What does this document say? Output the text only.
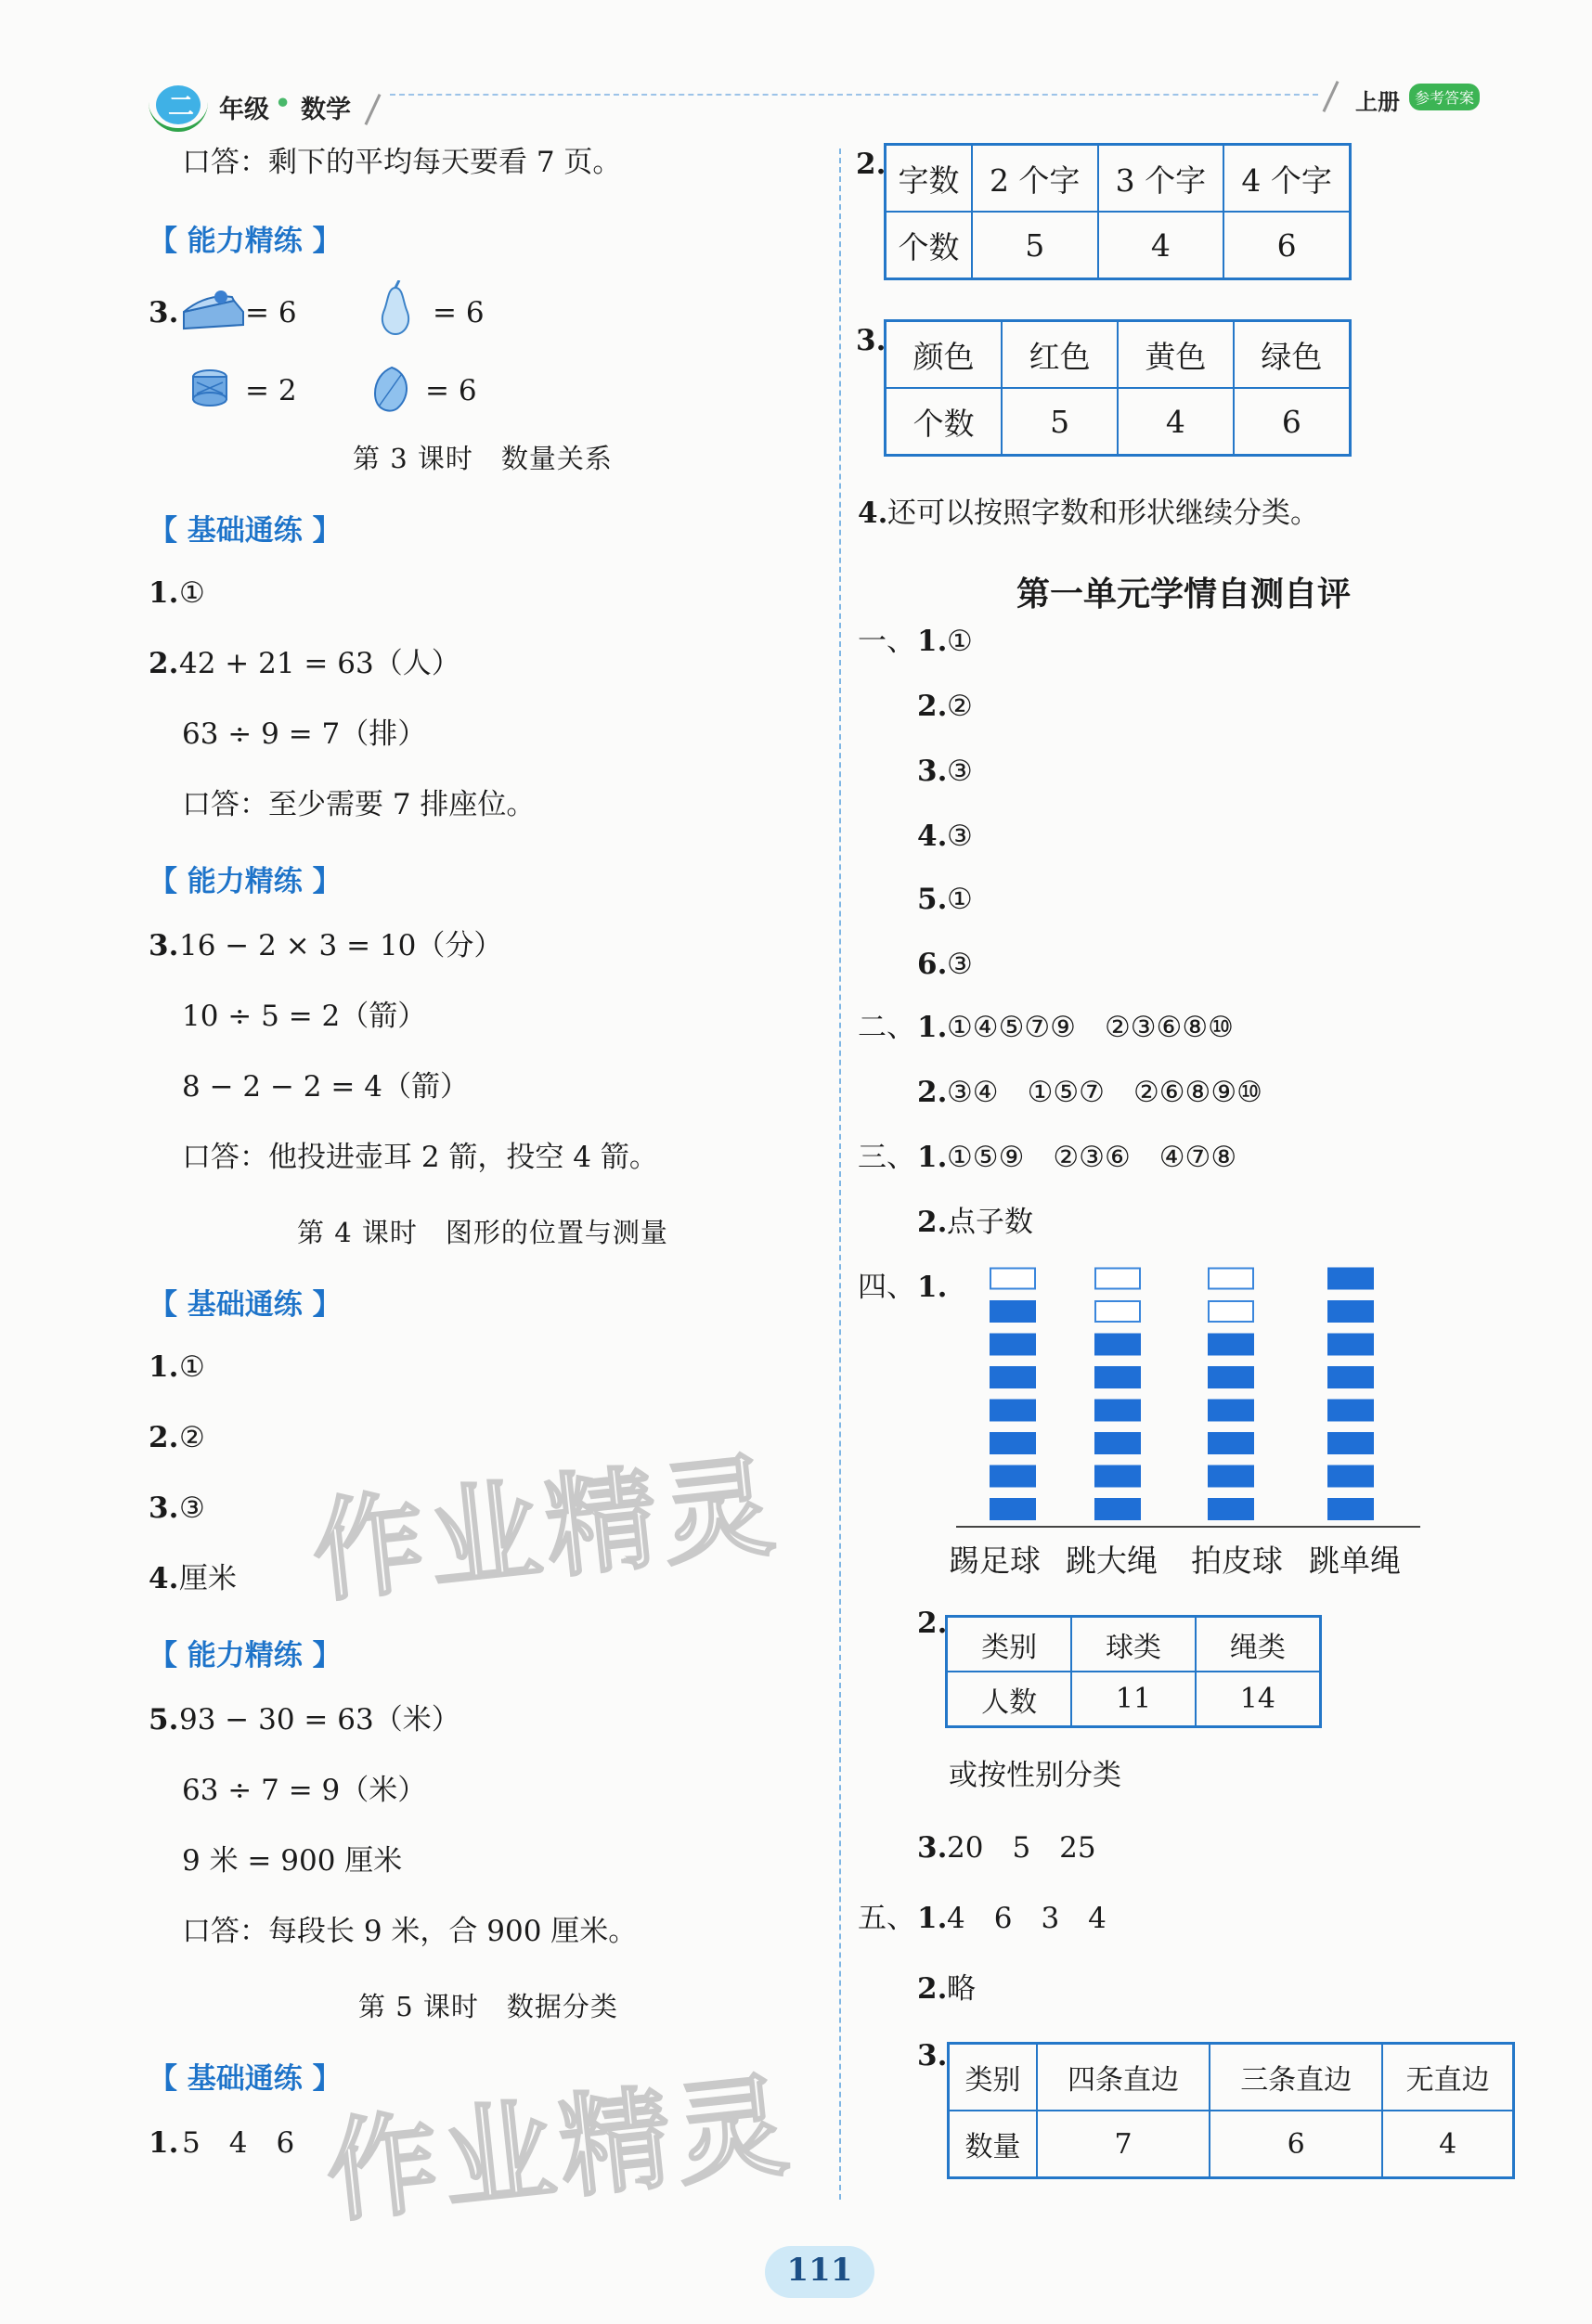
二 年级 • 数学	上册	参考答案
口答：剩下的平均每天要看 7 页。
【 能力精练 】
3. = 6	= 6
= 2	= 6
第 3 课时　数量关系
【 基础通练 】
1. ①
2. 42 + 21 = 63（人）
63 ÷ 9 = 7（排）
口答：至少需要 7 排座位。
【 能力精练 】
3. 16 − 2 × 3 = 10（分）
10 ÷ 5 = 2（箭）
8 − 2 − 2 = 4（箭）
口答：他投进壶耳 2 箭，投空 4 箭。
第 4 课时　图形的位置与测量
【 基础通练 】
1. ①
2. ②
3. ③
4. 厘米
【 能力精练 】
5. 93 − 30 = 63（米）
63 ÷ 7 = 9（米）
9 米 = 900 厘米
口答：每段长 9 米，合 900 厘米。
第 5 课时　数据分类
【 基础通练 】
1. 5　4　6
作业精灵
作业精灵
2. 字数	2 个字	3 个字	4 个字
个数	5	4	6
3. 颜色	红色	黄色	绿色
个数	5	4	6
4. 还可以按照字数和形状继续分类。
第一单元学情自测自评
一、 1. ①
2. ②
3. ③
4. ③
5. ①
6. ③
二、 1. ①④⑤⑦⑨　②③⑥⑧⑩
2. ③④　①⑤⑦　②⑥⑧⑨⑩
三、 1. ①⑤⑨　②③⑥　④⑦⑧
2. 点子数
四、 1.
2.
类别	球类	绳类
人数	11	14
或按性别分类
3. 20　5　25
五、 1. 4　6　3　4
2. 略
3.
类别	四条直边	三条直边	无直边
数量	7	6	4
111
踢足球 跳大绳 拍皮球 跳单绳
